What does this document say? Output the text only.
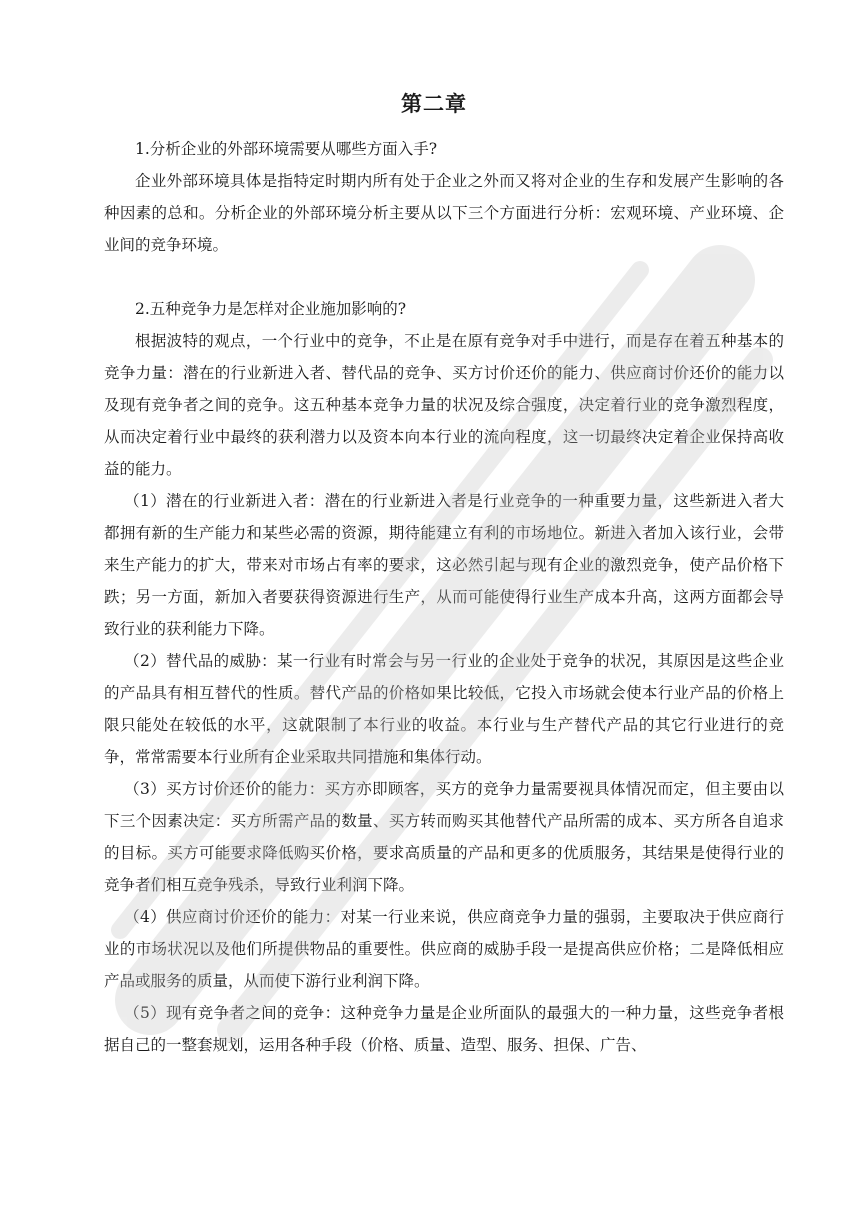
第二章

1.分析企业的外部环境需要从哪些方面入手?

企业外部环境具体是指特定时期内所有处于企业之外而又将对企业的生存和发展产生影响的各种因素的总和。分析企业的外部环境分析主要从以下三个方面进行分析：宏观环境、产业环境、企业间的竞争环境。

2.五种竞争力是怎样对企业施加影响的?

根据波特的观点，一个行业中的竞争，不止是在原有竞争对手中进行，而是存在着五种基本的竞争力量：潜在的行业新进入者、替代品的竞争、买方讨价还价的能力、供应商讨价还价的能力以及现有竞争者之间的竞争。这五种基本竞争力量的状况及综合强度，决定着行业的竞争激烈程度，从而决定着行业中最终的获利潜力以及资本向本行业的流向程度，这一切最终决定着企业保持高收益的能力。

（1）潜在的行业新进入者：潜在的行业新进入者是行业竞争的一种重要力量，这些新进入者大都拥有新的生产能力和某些必需的资源，期待能建立有利的市场地位。新进入者加入该行业，会带来生产能力的扩大，带来对市场占有率的要求，这必然引起与现有企业的激烈竞争，使产品价格下跌；另一方面，新加入者要获得资源进行生产，从而可能使得行业生产成本升高，这两方面都会导致行业的获利能力下降。

（2）替代品的威胁：某一行业有时常会与另一行业的企业处于竞争的状况，其原因是这些企业的产品具有相互替代的性质。替代产品的价格如果比较低，它投入市场就会使本行业产品的价格上限只能处在较低的水平，这就限制了本行业的收益。本行业与生产替代产品的其它行业进行的竞争，常常需要本行业所有企业采取共同措施和集体行动。

（3）买方讨价还价的能力：买方亦即顾客，买方的竞争力量需要视具体情况而定，但主要由以下三个因素决定：买方所需产品的数量、买方转而购买其他替代产品所需的成本、买方所各自追求的目标。买方可能要求降低购买价格，要求高质量的产品和更多的优质服务，其结果是使得行业的竞争者们相互竞争残杀，导致行业利润下降。

（4）供应商讨价还价的能力：对某一行业来说，供应商竞争力量的强弱，主要取决于供应商行业的市场状况以及他们所提供物品的重要性。供应商的威胁手段一是提高供应价格；二是降低相应产品或服务的质量，从而使下游行业利润下降。

（5）现有竞争者之间的竞争：这种竞争力量是企业所面队的最强大的一种力量，这些竞争者根据自己的一整套规划，运用各种手段（价格、质量、造型、服务、担保、广告、
